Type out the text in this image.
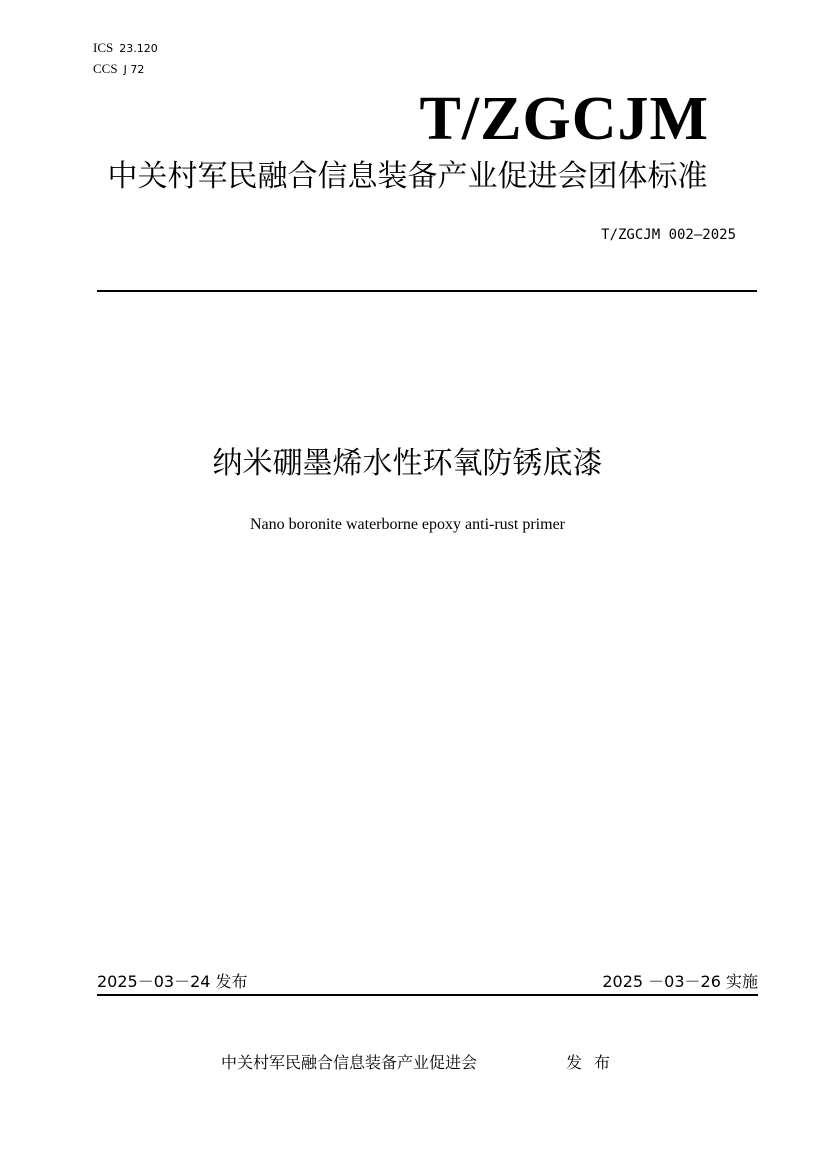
ICS 23.120
CCS J 72
T/ZGCJM
中关村军民融合信息装备产业促进会团体标准
T/ZGCJM 002—2025
纳米硼墨烯水性环氧防锈底漆
Nano boronite waterborne epoxy anti-rust primer
2025－03－24 发布	2025 －03－26 实施
中关村军民融合信息装备产业促进会	发布
